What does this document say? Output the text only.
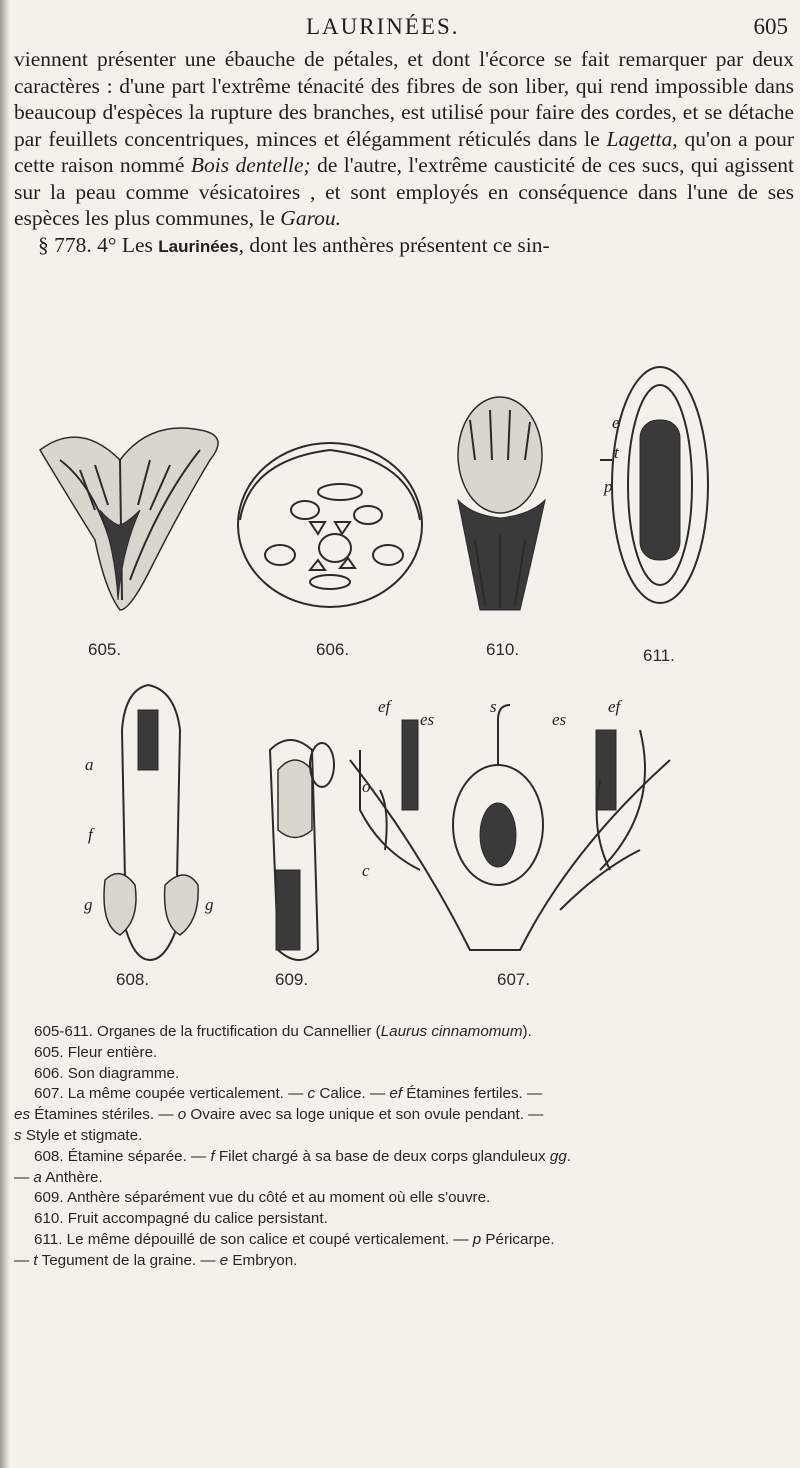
LAURINÉES.	605

viennent présenter une ébauche de pétales, et dont l'écorce se fait remarquer par deux caractères : d'une part l'extrême ténacité des fibres de son liber, qui rend impossible dans beaucoup d'espèces la rupture des branches, est utilisé pour faire des cordes, et se détache par feuillets concentriques, minces et élégamment réticulés dans le Lagetta, qu'on a pour cette raison nommé Bois dentelle; de l'autre, l'extrême causticité de ces sucs, qui agissent sur la peau comme vésicatoires , et sont employés en conséquence dans l'une de ses espèces les plus communes, le Garou.

§ 778. 4° Les Laurinées, dont les anthères présentent ce sin-

e
t
p
a
f
g	g
ef
es
s
es
ef
o
c
605.	606.	610.	611.
608.	609.	607.

605-611. Organes de la fructification du Cannellier (Laurus cinnamomum).

605. Fleur entière.

606. Son diagramme.

607. La même coupée verticalement. — c Calice. — ef Étamines fertiles. —

es Étamines stériles. — o Ovaire avec sa loge unique et son ovule pendant. —

s Style et stigmate.

608. Étamine séparée. — f Filet chargé à sa base de deux corps glanduleux gg.

— a Anthère.

609. Anthère séparément vue du côté et au moment où elle s'ouvre.

610. Fruit accompagné du calice persistant.

611. Le même dépouillé de son calice et coupé verticalement. — p Péricarpe.

— t Tegument de la graine. — e Embryon.
